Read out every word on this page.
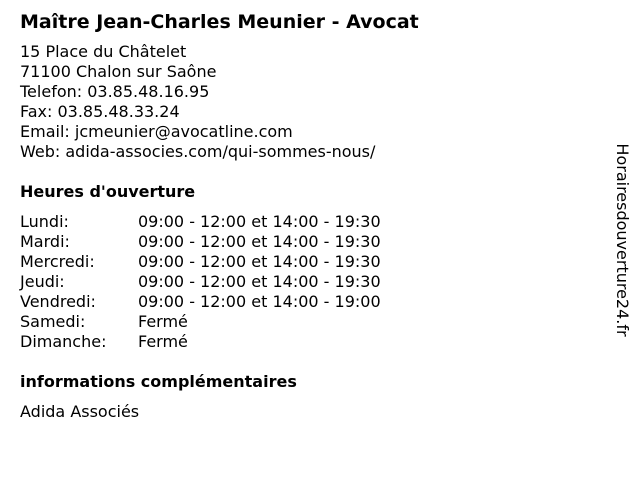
Maître Jean-Charles Meunier - Avocat
15 Place du Châtelet
71100 Chalon sur Saône
Telefon: 03.85.48.16.95
Fax: 03.85.48.33.24
Email: jcmeunier@avocatline.com
Web: adida-associes.com/qui-sommes-nous/
Heures d'ouverture
Lundi:	09:00 - 12:00 et 14:00 - 19:30
Mardi:	09:00 - 12:00 et 14:00 - 19:30
Mercredi:	09:00 - 12:00 et 14:00 - 19:30
Jeudi:	09:00 - 12:00 et 14:00 - 19:30
Vendredi:	09:00 - 12:00 et 14:00 - 19:00
Samedi:	Fermé
Dimanche:	Fermé
informations complémentaires
Adida Associés
Horairesdouverture24.fr
